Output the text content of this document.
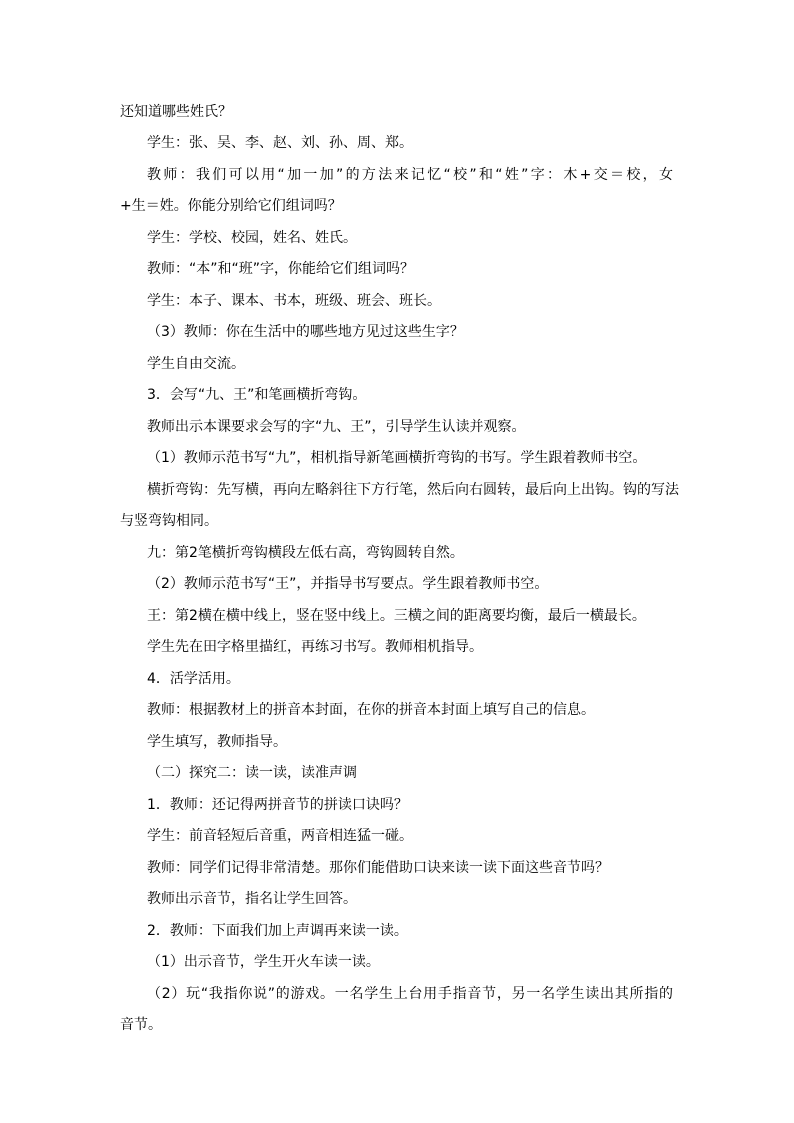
还知道哪些姓氏？
学生：张、吴、李、赵、刘、孙、周、郑。
教师：我们可以用“加一加”的方法来记忆“校”和“姓”字：木+交＝校，女
+生＝姓。你能分别给它们组词吗？
学生：学校、校园，姓名、姓氏。
教师：“本”和“班”字，你能给它们组词吗？
学生：本子、课本、书本，班级、班会、班长。
（3）教师：你在生活中的哪些地方见过这些生字？
学生自由交流。
3．会写“九、王”和笔画横折弯钩。
教师出示本课要求会写的字“九、王”，引导学生认读并观察。
（1）教师示范书写“九”，相机指导新笔画横折弯钩的书写。学生跟着教师书空。
横折弯钩：先写横，再向左略斜往下方行笔，然后向右圆转，最后向上出钩。钩的写法
与竖弯钩相同。
九：第2笔横折弯钩横段左低右高，弯钩圆转自然。
（2）教师示范书写“王”，并指导书写要点。学生跟着教师书空。
王：第2横在横中线上，竖在竖中线上。三横之间的距离要均衡，最后一横最长。
学生先在田字格里描红，再练习书写。教师相机指导。
4．活学活用。
教师：根据教材上的拼音本封面，在你的拼音本封面上填写自己的信息。
学生填写，教师指导。
（二）探究二：读一读，读准声调
1．教师：还记得两拼音节的拼读口诀吗？
学生：前音轻短后音重，两音相连猛一碰。
教师：同学们记得非常清楚。那你们能借助口诀来读一读下面这些音节吗？
教师出示音节，指名让学生回答。
2．教师：下面我们加上声调再来读一读。
（1）出示音节，学生开火车读一读。
（2）玩“我指你说”的游戏。一名学生上台用手指音节，另一名学生读出其所指的
音节。
